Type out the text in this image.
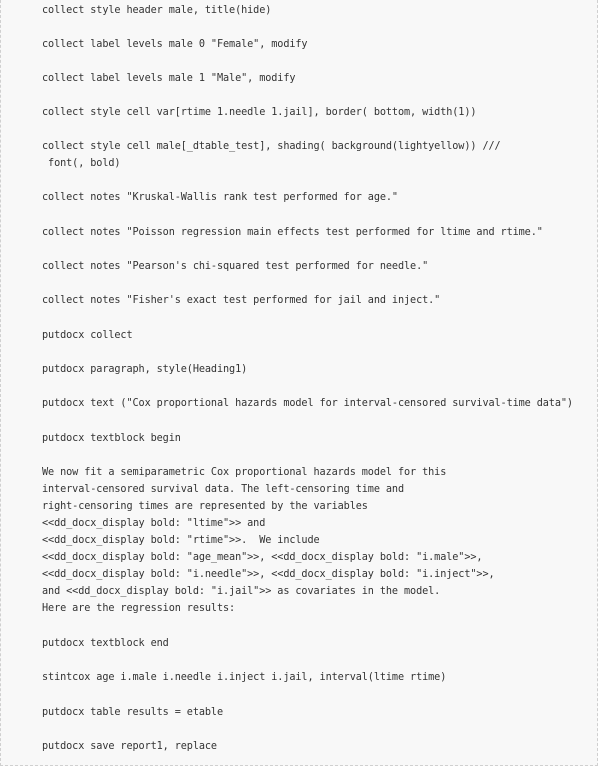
collect style header male, title(hide)
collect label levels male 0 "Female", modify
collect label levels male 1 "Male", modify
collect style cell var[rtime 1.needle 1.jail], border( bottom, width(1))
collect style cell male[_dtable_test], shading( background(lightyellow)) ///
font(, bold)
collect notes "Kruskal-Wallis rank test performed for age."
collect notes "Poisson regression main effects test performed for ltime and rtime."
collect notes "Pearson's chi-squared test performed for needle."
collect notes "Fisher's exact test performed for jail and inject."
putdocx collect
putdocx paragraph, style(Heading1)
putdocx text ("Cox proportional hazards model for interval-censored survival-time data")
putdocx textblock begin
We now fit a semiparametric Cox proportional hazards model for this
interval-censored survival data. The left-censoring time and
right-censoring times are represented by the variables
<<dd_docx_display bold: "ltime">> and
<<dd_docx_display bold: "rtime">>.  We include
<<dd_docx_display bold: "age_mean">>, <<dd_docx_display bold: "i.male">>,
<<dd_docx_display bold: "i.needle">>, <<dd_docx_display bold: "i.inject">>,
and <<dd_docx_display bold: "i.jail">> as covariates in the model.
Here are the regression results:
putdocx textblock end
stintcox age i.male i.needle i.inject i.jail, interval(ltime rtime)
putdocx table results = etable
putdocx save report1, replace
